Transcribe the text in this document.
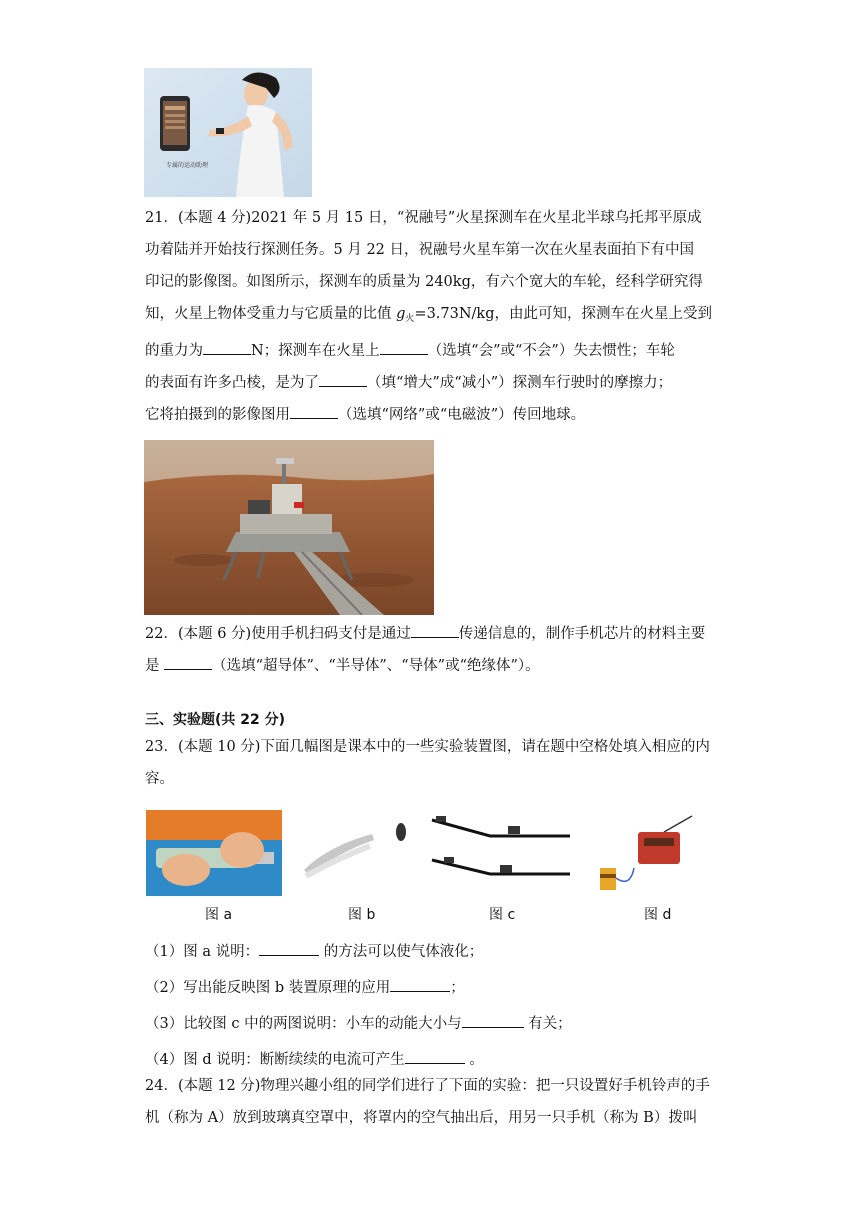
专属的运动助理
21．(本题 4 分)2021 年 5 月 15 日，“祝融号”火星探测车在火星北半球乌托邦平原成
功着陆并开始技行探测任务。5 月 22 日，祝融号火星车第一次在火星表面拍下有中国
印记的影像图。如图所示，探测车的质量为 240kg，有六个宽大的车轮，经科学研究得
知，火星上物体受重力与它质量的比值 $g_火=3.73N/kg$，由此可知，探测车在火星上受到
的重力为	N；探测车在火星上	（选填“会”或“不会”）失去惯性；车轮
的表面有许多凸棱，是为了	（填“增大”成“减小”）探测车行驶时的摩擦力；
它将拍摄到的影像图用	（选填“网络”或“电磁波”）传回地球。
22．(本题 6 分)使用手机扫码支付是通过	传递信息的，制作手机芯片的材料主要
是	（选填“超导体”、“半导体”、“导体”或“绝缘体”）。
三、实验题(共 22 分)
23．(本题 10 分)下面几幅图是课本中的一些实验装置图，请在题中空格处填入相应的内
容。
图 a	图 b	图 c	图 d
（1）图 a 说明：	的方法可以使气体液化；
（2）写出能反映图 b 装置原理的应用	；
（3）比较图 c 中的两图说明：小车的动能大小与	有关；
（4）图 d 说明：断断续续的电流可产生	。
24．(本题 12 分)物理兴趣小组的同学们进行了下面的实验：把一只设置好手机铃声的手
机（称为 A）放到玻璃真空罩中，将罩内的空气抽出后，用另一只手机（称为 B）拨叫
